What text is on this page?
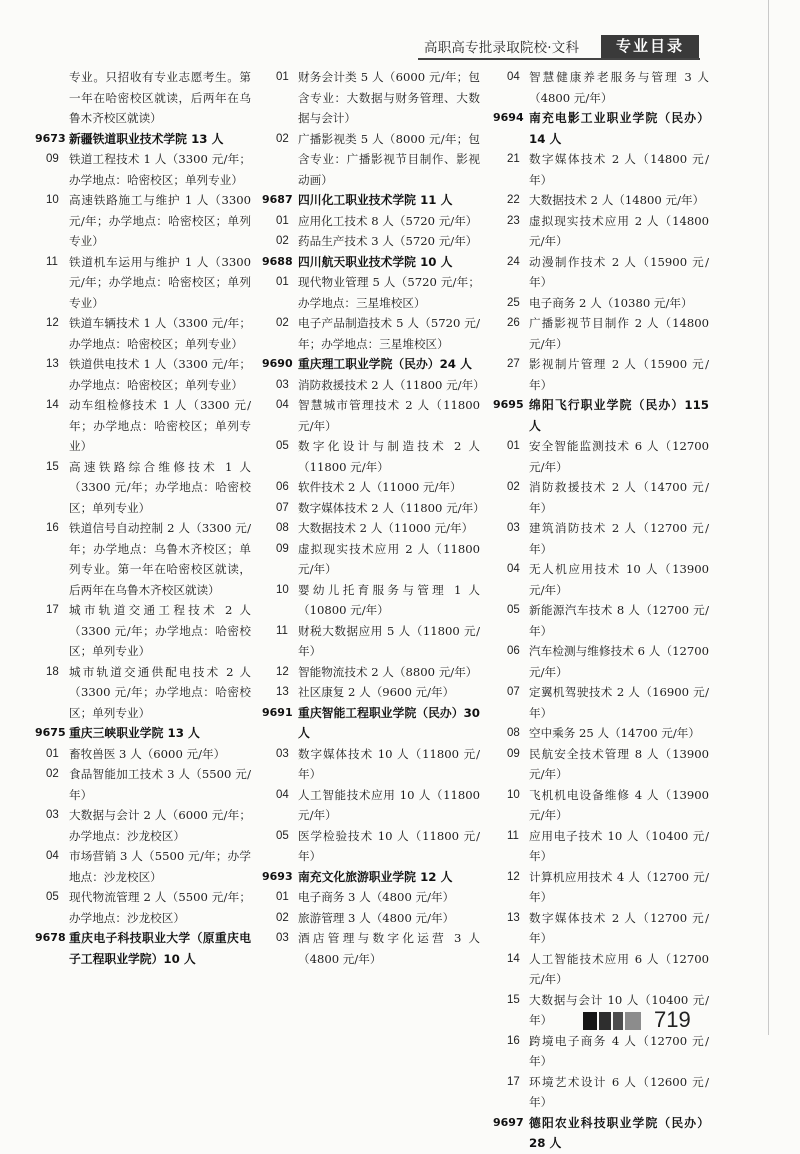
高职高专批录取院校·文科	专业目录
专业。只招收有专业志愿考生。第一年在哈密校区就读，后两年在乌鲁木齐校区就读）
9673 新疆铁道职业技术学院 13 人
09 铁道工程技术 1 人（3300 元/年；办学地点：哈密校区；单列专业）
10 高速铁路施工与维护 1 人（3300 元/年；办学地点：哈密校区；单列专业）
11 铁道机车运用与维护 1 人（3300 元/年；办学地点：哈密校区；单列专业）
12 铁道车辆技术 1 人（3300 元/年；办学地点：哈密校区；单列专业）
13 铁道供电技术 1 人（3300 元/年；办学地点：哈密校区；单列专业）
14 动车组检修技术 1 人（3300 元/年；办学地点：哈密校区；单列专业）
15 高速铁路综合维修技术 1 人（3300 元/年；办学地点：哈密校区；单列专业）
16 铁道信号自动控制 2 人（3300 元/年；办学地点：乌鲁木齐校区；单列专业。第一年在哈密校区就读，后两年在乌鲁木齐校区就读）
17 城市轨道交通工程技术 2 人（3300 元/年；办学地点：哈密校区；单列专业）
18 城市轨道交通供配电技术 2 人（3300 元/年；办学地点：哈密校区；单列专业）
9675 重庆三峡职业学院 13 人
01 畜牧兽医 3 人（6000 元/年）
02 食品智能加工技术 3 人（5500 元/年）
03 大数据与会计 2 人（6000 元/年；办学地点：沙龙校区）
04 市场营销 3 人（5500 元/年；办学地点：沙龙校区）
05 现代物流管理 2 人（5500 元/年；办学地点：沙龙校区）
9678 重庆电子科技职业大学（原重庆电子工程职业学院）10 人
01 财务会计类 5 人（6000 元/年；包含专业：大数据与财务管理、大数据与会计）
02 广播影视类 5 人（8000 元/年；包含专业：广播影视节目制作、影视动画）
9687 四川化工职业技术学院 11 人
01 应用化工技术 8 人（5720 元/年）
02 药品生产技术 3 人（5720 元/年）
9688 四川航天职业技术学院 10 人
01 现代物业管理 5 人（5720 元/年；办学地点：三星堆校区）
02 电子产品制造技术 5 人（5720 元/年；办学地点：三星堆校区）
9690 重庆理工职业学院（民办）24 人
03 消防救援技术 2 人（11800 元/年）
04 智慧城市管理技术 2 人（11800 元/年）
05 数字化设计与制造技术 2 人（11800 元/年）
06 软件技术 2 人（11000 元/年）
07 数字媒体技术 2 人（11800 元/年）
08 大数据技术 2 人（11000 元/年）
09 虚拟现实技术应用 2 人（11800 元/年）
10 婴幼儿托育服务与管理 1 人（10800 元/年）
11 财税大数据应用 5 人（11800 元/年）
12 智能物流技术 2 人（8800 元/年）
13 社区康复 2 人（9600 元/年）
9691 重庆智能工程职业学院（民办）30 人
03 数字媒体技术 10 人（11800 元/年）
04 人工智能技术应用 10 人（11800 元/年）
05 医学检验技术 10 人（11800 元/年）
9693 南充文化旅游职业学院 12 人
01 电子商务 3 人（4800 元/年）
02 旅游管理 3 人（4800 元/年）
03 酒店管理与数字化运营 3 人（4800 元/年）
04 智慧健康养老服务与管理 3 人（4800 元/年）
9694 南充电影工业职业学院（民办）14 人
21 数字媒体技术 2 人（14800 元/年）
22 大数据技术 2 人（14800 元/年）
23 虚拟现实技术应用 2 人（14800 元/年）
24 动漫制作技术 2 人（15900 元/年）
25 电子商务 2 人（10380 元/年）
26 广播影视节目制作 2 人（14800 元/年）
27 影视制片管理 2 人（15900 元/年）
9695 绵阳飞行职业学院（民办）115 人
01 安全智能监测技术 6 人（12700 元/年）
02 消防救援技术 2 人（14700 元/年）
03 建筑消防技术 2 人（12700 元/年）
04 无人机应用技术 10 人（13900 元/年）
05 新能源汽车技术 8 人（12700 元/年）
06 汽车检测与维修技术 6 人（12700 元/年）
07 定翼机驾驶技术 2 人（16900 元/年）
08 空中乘务 25 人（14700 元/年）
09 民航安全技术管理 8 人（13900 元/年）
10 飞机机电设备维修 4 人（13900 元/年）
11 应用电子技术 10 人（10400 元/年）
12 计算机应用技术 4 人（12700 元/年）
13 数字媒体技术 2 人（12700 元/年）
14 人工智能技术应用 6 人（12700 元/年）
15 大数据与会计 10 人（10400 元/年）
16 跨境电子商务 4 人（12700 元/年）
17 环境艺术设计 6 人（12600 元/年）
9697 德阳农业科技职业学院（民办）28 人
719
